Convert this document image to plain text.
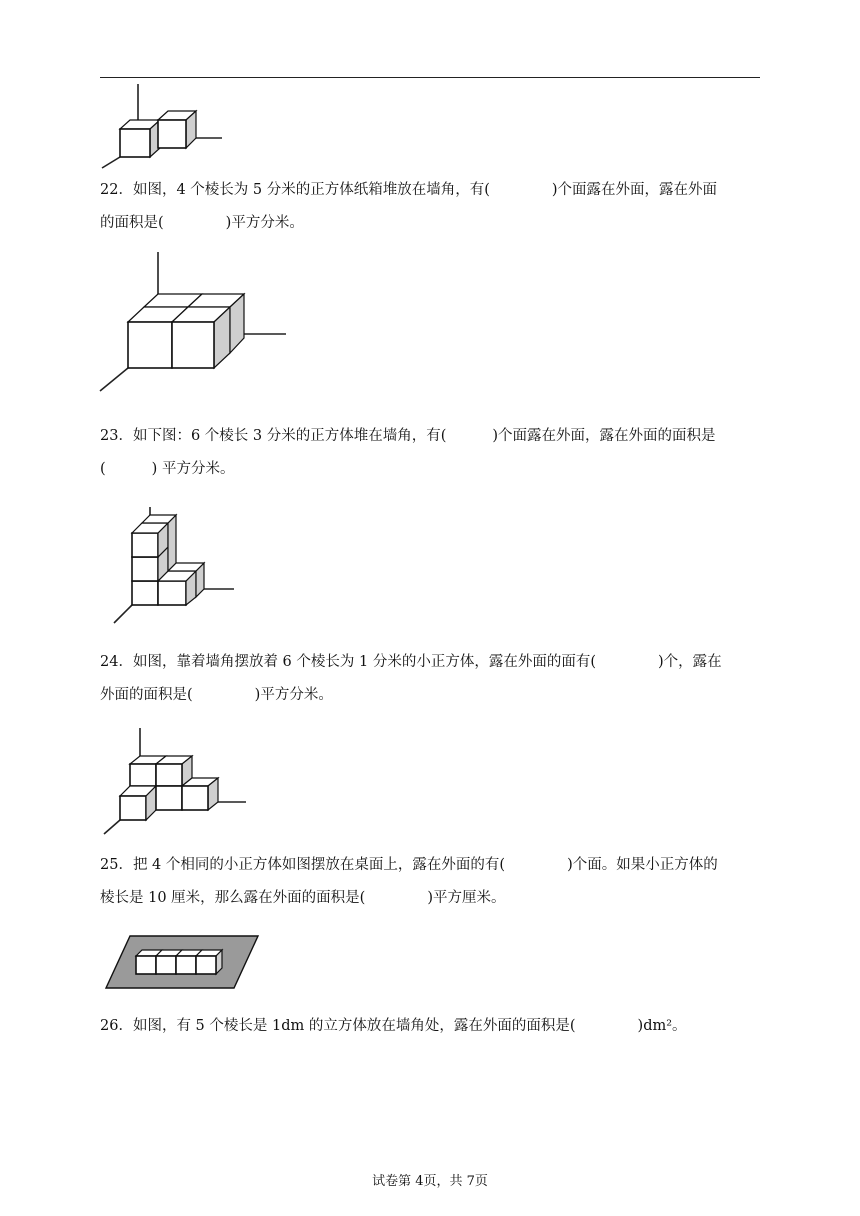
22．如图，4 个棱长为 5 分米的正方体纸箱堆放在墙角，有(	)个面露在外面，露在外面
的面积是(	)平方分米。

23．如下图：6 个棱长 3 分米的正方体堆在墙角，有(	)个面露在外面，露在外面的面积是
(	) 平方分米。

24．如图，靠着墙角摆放着 6 个棱长为 1 分米的小正方体，露在外面的面有(	)个，露在
外面的面积是(	)平方分米。

25．把 4 个相同的小正方体如图摆放在桌面上，露在外面的有(	)个面。如果小正方体的
棱长是 10 厘米，那么露在外面的面积是(	)平方厘米。

26．如图，有 5 个棱长是 1dm 的立方体放在墙角处，露在外面的面积是(	)dm²。

试卷第 4页，共 7页
